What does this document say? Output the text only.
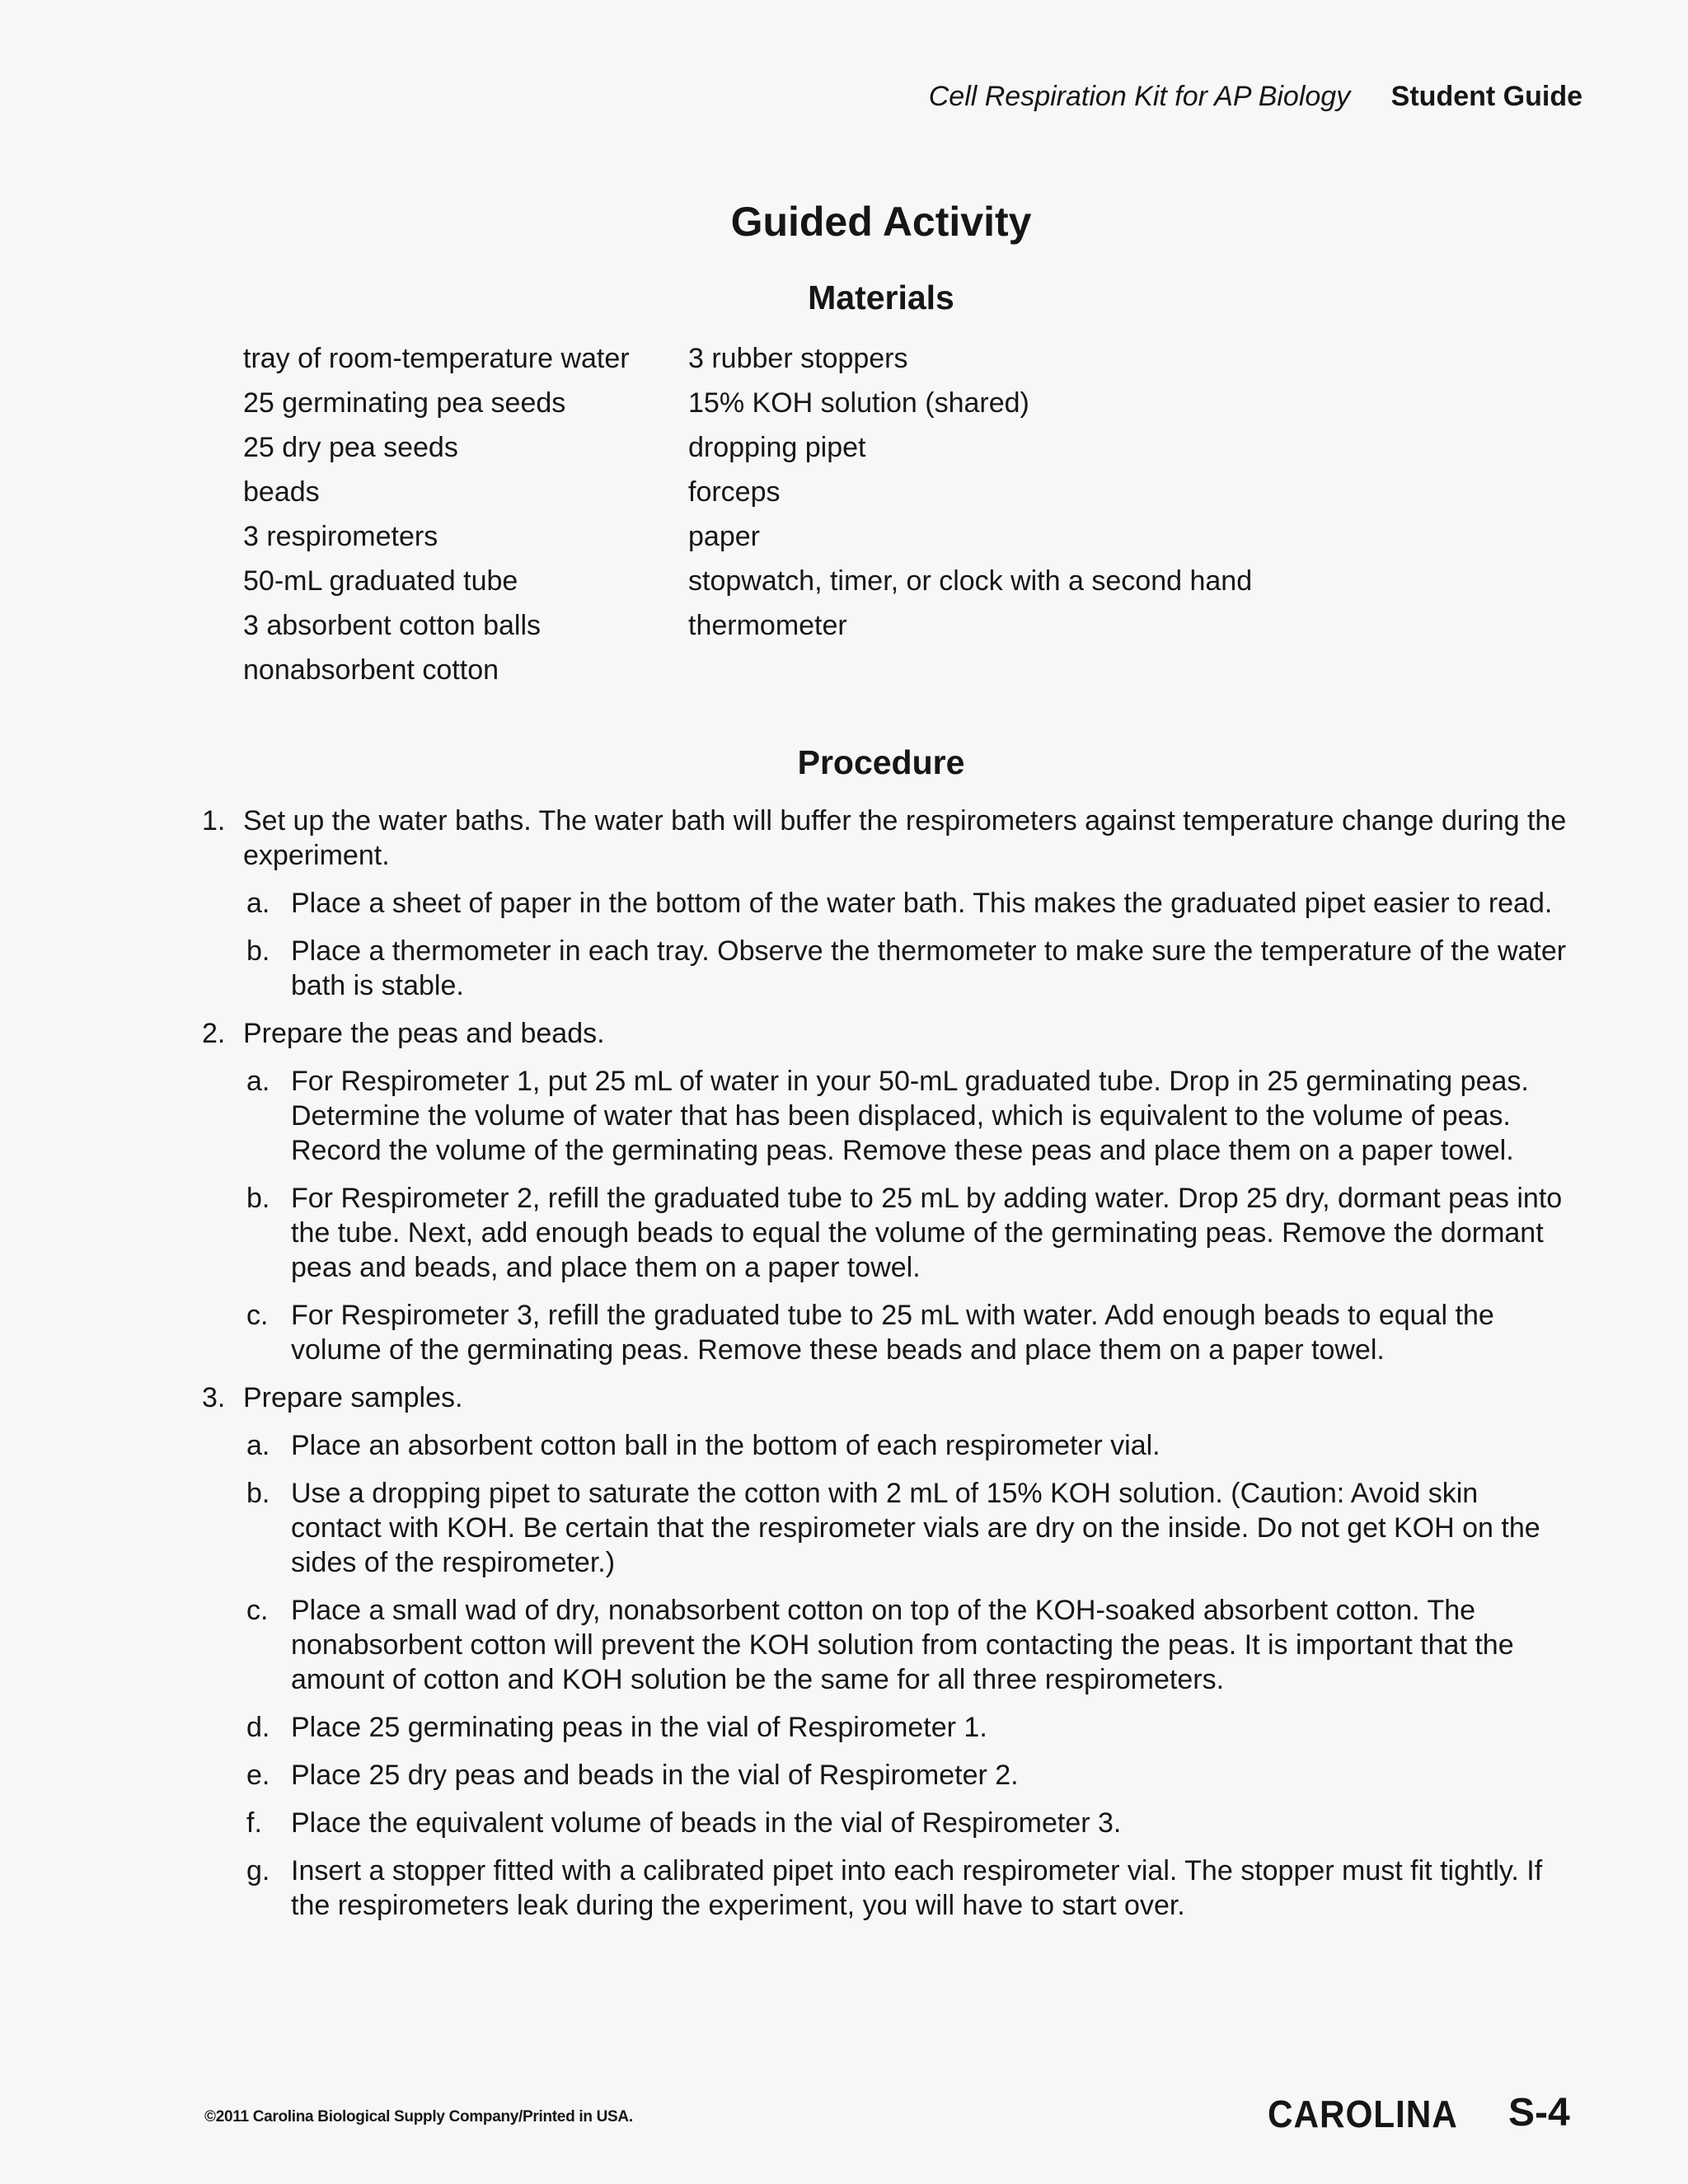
Cell Respiration Kit for AP Biology Student Guide
Guided Activity
Materials
tray of room-temperature water
25 germinating pea seeds
25 dry pea seeds
beads
3 respirometers
50-mL graduated tube
3 absorbent cotton balls
nonabsorbent cotton
3 rubber stoppers
15% KOH solution (shared)
dropping pipet
forceps
paper
stopwatch, timer, or clock with a second hand
thermometer
Procedure
1. Set up the water baths. The water bath will buffer the respirometers against temperature change during the experiment.
a. Place a sheet of paper in the bottom of the water bath. This makes the graduated pipet easier to read.
b. Place a thermometer in each tray. Observe the thermometer to make sure the temperature of the water bath is stable.
2. Prepare the peas and beads.
a. For Respirometer 1, put 25 mL of water in your 50-mL graduated tube. Drop in 25 germinating peas. Determine the volume of water that has been displaced, which is equivalent to the volume of peas. Record the volume of the germinating peas. Remove these peas and place them on a paper towel.
b. For Respirometer 2, refill the graduated tube to 25 mL by adding water. Drop 25 dry, dormant peas into the tube. Next, add enough beads to equal the volume of the germinating peas. Remove the dormant peas and beads, and place them on a paper towel.
c. For Respirometer 3, refill the graduated tube to 25 mL with water. Add enough beads to equal the volume of the germinating peas. Remove these beads and place them on a paper towel.
3. Prepare samples.
a. Place an absorbent cotton ball in the bottom of each respirometer vial.
b. Use a dropping pipet to saturate the cotton with 2 mL of 15% KOH solution. (Caution: Avoid skin contact with KOH. Be certain that the respirometer vials are dry on the inside. Do not get KOH on the sides of the respirometer.)
c. Place a small wad of dry, nonabsorbent cotton on top of the KOH-soaked absorbent cotton. The nonabsorbent cotton will prevent the KOH solution from contacting the peas. It is important that the amount of cotton and KOH solution be the same for all three respirometers.
d. Place 25 germinating peas in the vial of Respirometer 1.
e. Place 25 dry peas and beads in the vial of Respirometer 2.
f. Place the equivalent volume of beads in the vial of Respirometer 3.
g. Insert a stopper fitted with a calibrated pipet into each respirometer vial. The stopper must fit tightly. If the respirometers leak during the experiment, you will have to start over.
©2011 Carolina Biological Supply Company/Printed in USA.	CAROLINA S-4
